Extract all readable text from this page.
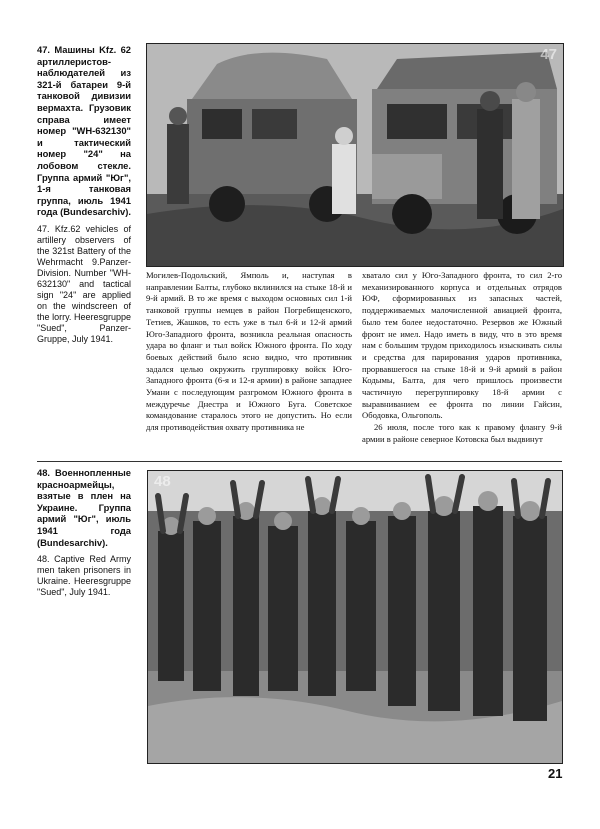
47. Машины Kfz. 62 артиллеристов-наблюдателей из 321-й батареи 9-й танковой дивизии вермахта. Грузовик справа имеет номер "WH-632130" и тактический номер "24" на лобовом стекле. Группа армий "Юг", 1-я танковая группа, июль 1941 года (Bundesarchiv).

47. Kfz.62 vehicles of artillery observers of the 321st Battery of the Wehrmacht 9.Panzer-Division. Number "WH-632130" and tactical sign "24" are applied on the windscreen of the lorry. Heeresgruppe "Sued", Panzer-Gruppe, July 1941.

47

Могилев-Подольский, Ямполь и, наступая в направлении Балты, глубоко вклинился на стыке 18-й и 9-й армий. В то же время с выходом основных сил 1-й танковой группы немцев в район Погребищенского, Тетиев, Жашков, то есть уже в тыл 6-й и 12-й армий Юго-Западного фронта, возникла реальная опасность удара во фланг и тыл войск Южного фронта. По ходу боевых действий было ясно видно, что противник задался целью окружить группировку войск Юго-Западного фронта (6-я и 12-я армии) в районе западнее Умани с последующим разгромом Южного фронта в междуречье Днестра и Южного Буга. Советское командование старалось этого не допустить. Но если для противодействия охвату противника не

хватало сил у Юго-Западного фронта, то сил 2-го механизированного корпуса и отдельных отрядов ЮФ, сформированных из запасных частей, поддерживаемых малочисленной авиацией фронта, было тем более недостаточно. Резервов же Южный фронт не имел. Надо иметь в виду, что в это время нам с большим трудом приходилось изыскивать силы и средства для парирования ударов противника, прорвавшегося на стыке 18-й и 9-й армий в район Кодымы, Балта, для чего пришлось произвести частичную перегруппировку 18-й армии с выравниванием ее фронта по линии Гайсин, Ободовка, Ольгополь.

26 июля, после того как к правому флангу 9-й армии в районе северное Котовска был выдвинут

48. Военнопленные красноармейцы, взятые в плен на Украине. Группа армий "Юг", июль 1941 года (Bundesarchiv).

48. Captive Red Army men taken prisoners in Ukraine. Heeresgruppe "Sued", July 1941.

48
21
